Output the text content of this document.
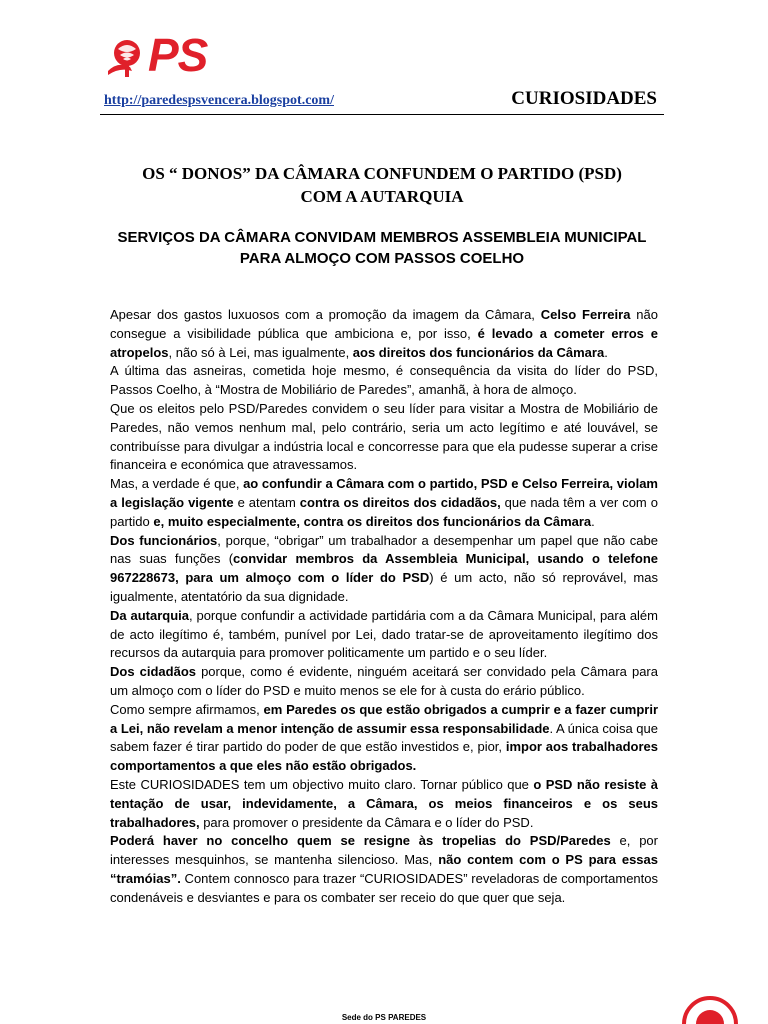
PS
http://paredespsvencera.blogspot.com/	CURIOSIDADES
OS “ DONOS” DA CÂMARA CONFUNDEM O PARTIDO (PSD)
COM A AUTARQUIA
SERVIÇOS DA CÂMARA CONVIDAM MEMBROS ASSEMBLEIA MUNICIPAL
PARA ALMOÇO COM PASSOS COELHO

Apesar dos gastos luxuosos com a promoção da imagem da Câmara, Celso Ferreira não consegue a visibilidade pública que ambiciona e, por isso, é levado a cometer erros e atropelos, não só à Lei, mas igualmente, aos direitos dos funcionários da Câmara.

A última das asneiras, cometida hoje mesmo, é consequência da visita do líder do PSD, Passos Coelho, à “Mostra de Mobiliário de Paredes”, amanhã, à hora de almoço.

Que os eleitos pelo PSD/Paredes convidem o seu líder para visitar a Mostra de Mobiliário de Paredes, não vemos nenhum mal, pelo contrário, seria um acto legítimo e até louvável, se contribuísse para divulgar a indústria local e concorresse para que ela pudesse superar a crise financeira e económica que atravessamos.

Mas, a verdade é que, ao confundir a Câmara com o partido, PSD e Celso Ferreira, violam a legislação vigente e atentam contra os direitos dos cidadãos, que nada têm a ver com o partido e, muito especialmente, contra os direitos dos funcionários da Câmara.

Dos funcionários, porque, “obrigar” um trabalhador a desempenhar um papel que não cabe nas suas funções (convidar membros da Assembleia Municipal, usando o telefone 967228673, para um almoço com o líder do PSD) é um acto, não só reprovável, mas igualmente, atentatório da sua dignidade.

Da autarquia, porque confundir a actividade partidária com a da Câmara Municipal, para além de acto ilegítimo é, também, punível por Lei, dado tratar-se de aproveitamento ilegítimo dos recursos da autarquia para promover politicamente um partido e o seu líder.

Dos cidadãos porque, como é evidente, ninguém aceitará ser convidado pela Câmara para um almoço com o líder do PSD e muito menos se ele for à custa do erário público.

Como sempre afirmamos, em Paredes os que estão obrigados a cumprir e a fazer cumprir a Lei, não revelam a menor intenção de assumir essa responsabilidade. A única coisa que sabem fazer é tirar partido do poder de que estão investidos e, pior, impor aos trabalhadores comportamentos a que eles não estão obrigados.

Este CURIOSIDADES tem um objectivo muito claro. Tornar público que o PSD não resiste à tentação de usar, indevidamente, a Câmara, os meios financeiros e os seus trabalhadores, para promover o presidente da Câmara e o líder do PSD.

Poderá haver no concelho quem se resigne às tropelias do PSD/Paredes e, por interesses mesquinhos, se mantenha silencioso. Mas, não contem com o PS para essas “tramóias”. Contem connosco para trazer “CURIOSIDADES” reveladoras de comportamentos condenáveis e desviantes e para os combater ser receio do que quer que seja.

Sede do PS PAREDES
